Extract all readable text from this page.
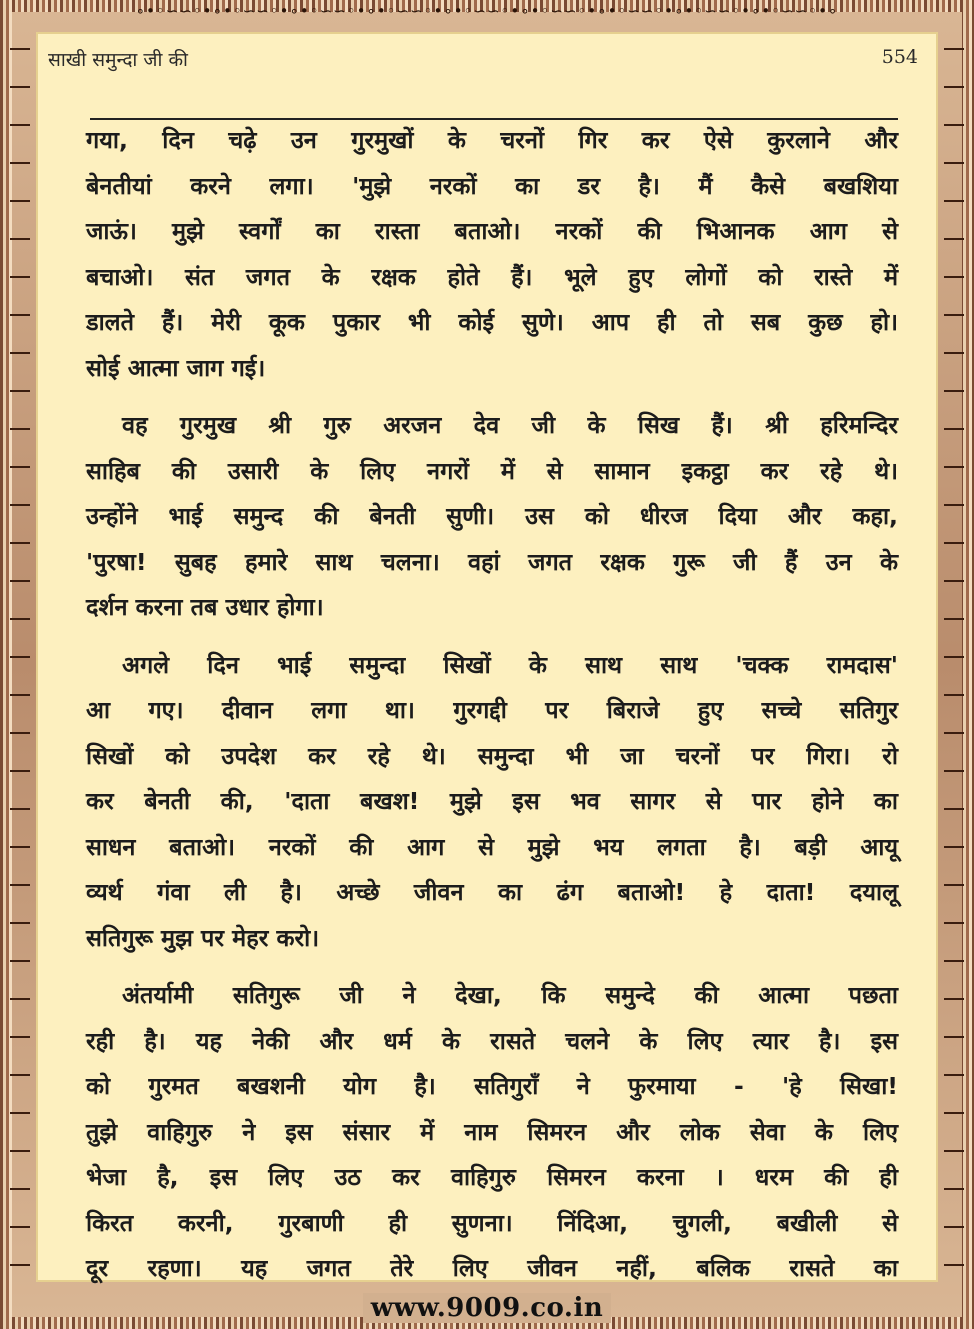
∘•◦∽∽◦•∘•◦∽∽◦•∘•◦∽∽◦•∘•◦∽∽◦•∘•◦∽∽◦•∘•◦∽∽◦•∘•◦∽∽◦•∘•◦∽∽◦•∘•◦∽∽◦•∘
साखी समुन्दा जी की	554
गया, दिन चढ़े उन गुरमुखों के चरनों गिर कर ऐसे कुरलाने और
बेनतीयां करने लगा। 'मुझे नरकों का डर है। मैं कैसे बखशिया
जाऊं। मुझे स्वर्गों का रास्ता बताओ। नरकों की भिआनक आग से
बचाओ। संत जगत के रक्षक होते हैं। भूले हुए लोगों को रास्ते में
डालते हैं। मेरी कूक पुकार भी कोई सुणे। आप ही तो सब कुछ हो।
सोई आत्मा जाग गई।
वह गुरमुख श्री गुरु अरजन देव जी के सिख हैं। श्री हरिमन्दिर
साहिब की उसारी के लिए नगरों में से सामान इकट्ठा कर रहे थे।
उन्होंने भाई समुन्द की बेनती सुणी। उस को धीरज दिया और कहा,
'पुरषा! सुबह हमारे साथ चलना। वहां जगत रक्षक गुरू जी हैं उन के
दर्शन करना तब उधार होगा।
अगले दिन भाई समुन्दा सिखों के साथ साथ 'चक्क रामदास'
आ गए। दीवान लगा था। गुरगद्दी पर बिराजे हुए सच्चे सतिगुर
सिखों को उपदेश कर रहे थे। समुन्दा भी जा चरनों पर गिरा। रो
कर बेनती की, 'दाता बखश! मुझे इस भव सागर से पार होने का
साधन बताओ। नरकों की आग से मुझे भय लगता है। बड़ी आयू
व्यर्थ गंवा ली है। अच्छे जीवन का ढंग बताओ! हे दाता! दयालू
सतिगुरू मुझ पर मेहर करो।
अंतर्यामी सतिगुरू जी ने देखा, कि समुन्दे की आत्मा पछता
रही है। यह नेकी और धर्म के रासते चलने के लिए त्यार है। इस
को गुरमत बखशनी योग है। सतिगुराँ ने फुरमाया - 'हे सिखा!
तुझे वाहिगुरु ने इस संसार में नाम सिमरन और लोक सेवा के लिए
भेजा है, इस लिए उठ कर वाहिगुरु सिमरन करना । धरम की ही
किरत करनी, गुरबाणी ही सुणना। निंदिआ, चुगली, बखीली से
दूर रहणा। यह जगत तेरे लिए जीवन नहीं, बलिक रासते का
www.9009.co.in
